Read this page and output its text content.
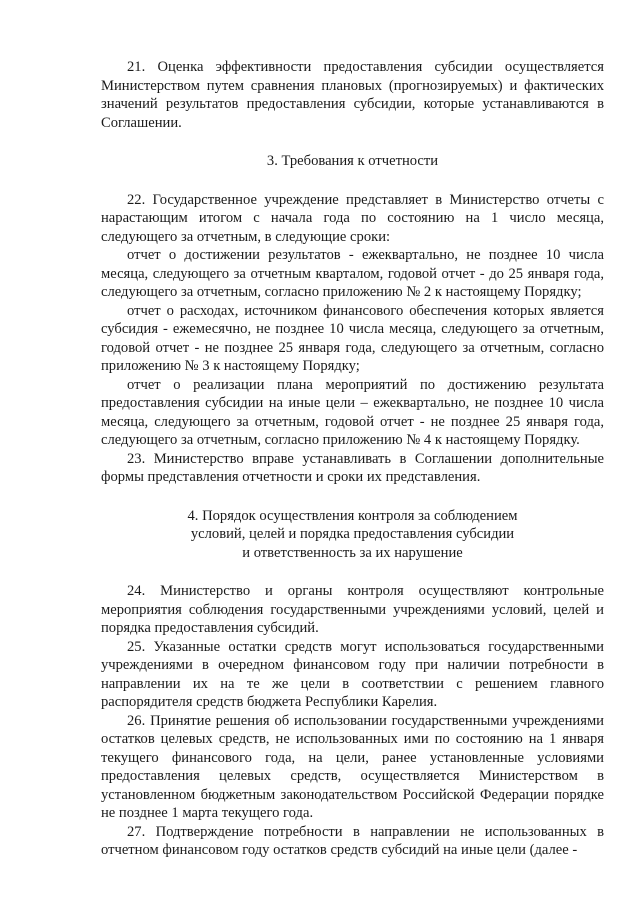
21. Оценка эффективности предоставления субсидии осуществляется Министерством путем сравнения плановых (прогнозируемых) и фактических значений результатов предоставления субсидии, которые устанавливаются в Соглашении.

3. Требования к отчетности

22. Государственное учреждение представляет в Министерство отчеты с нарастающим итогом с начала года по состоянию на 1 число месяца, следующего за отчетным, в следующие сроки:

отчет о достижении результатов - ежеквартально, не позднее 10 числа месяца, следующего за отчетным кварталом, годовой отчет - до 25 января года, следующего за отчетным, согласно приложению № 2 к настоящему Порядку;

отчет о расходах, источником финансового обеспечения которых является субсидия - ежемесячно, не позднее 10 числа месяца, следующего за отчетным, годовой отчет - не позднее 25 января года, следующего за отчетным, согласно приложению № 3 к настоящему Порядку;

отчет о реализации плана мероприятий по достижению результата предоставления субсидии на иные цели – ежеквартально, не позднее 10 числа месяца, следующего за отчетным, годовой отчет - не позднее 25 января года, следующего за отчетным, согласно приложению № 4 к настоящему Порядку.

23. Министерство вправе устанавливать в Соглашении дополнительные формы представления отчетности и сроки их представления.

4. Порядок осуществления контроля за соблюдением

условий, целей и порядка предоставления субсидии

и ответственность за их нарушение

24. Министерство и органы контроля осуществляют контрольные мероприятия соблюдения государственными учреждениями условий, целей и порядка предоставления субсидий.

25. Указанные остатки средств могут использоваться государственными учреждениями в очередном финансовом году при наличии потребности в направлении их на те же цели в соответствии с решением главного распорядителя средств бюджета Республики Карелия.

26. Принятие решения об использовании государственными учреждениями остатков целевых средств, не использованных ими по состоянию на 1 января текущего финансового года, на цели, ранее установленные условиями предоставления целевых средств, осуществляется Министерством в установленном бюджетным законодательством Российской Федерации порядке не позднее 1 марта текущего года.

27. Подтверждение потребности в направлении не использованных в отчетном финансовом году остатков средств субсидий на иные цели (далее -
